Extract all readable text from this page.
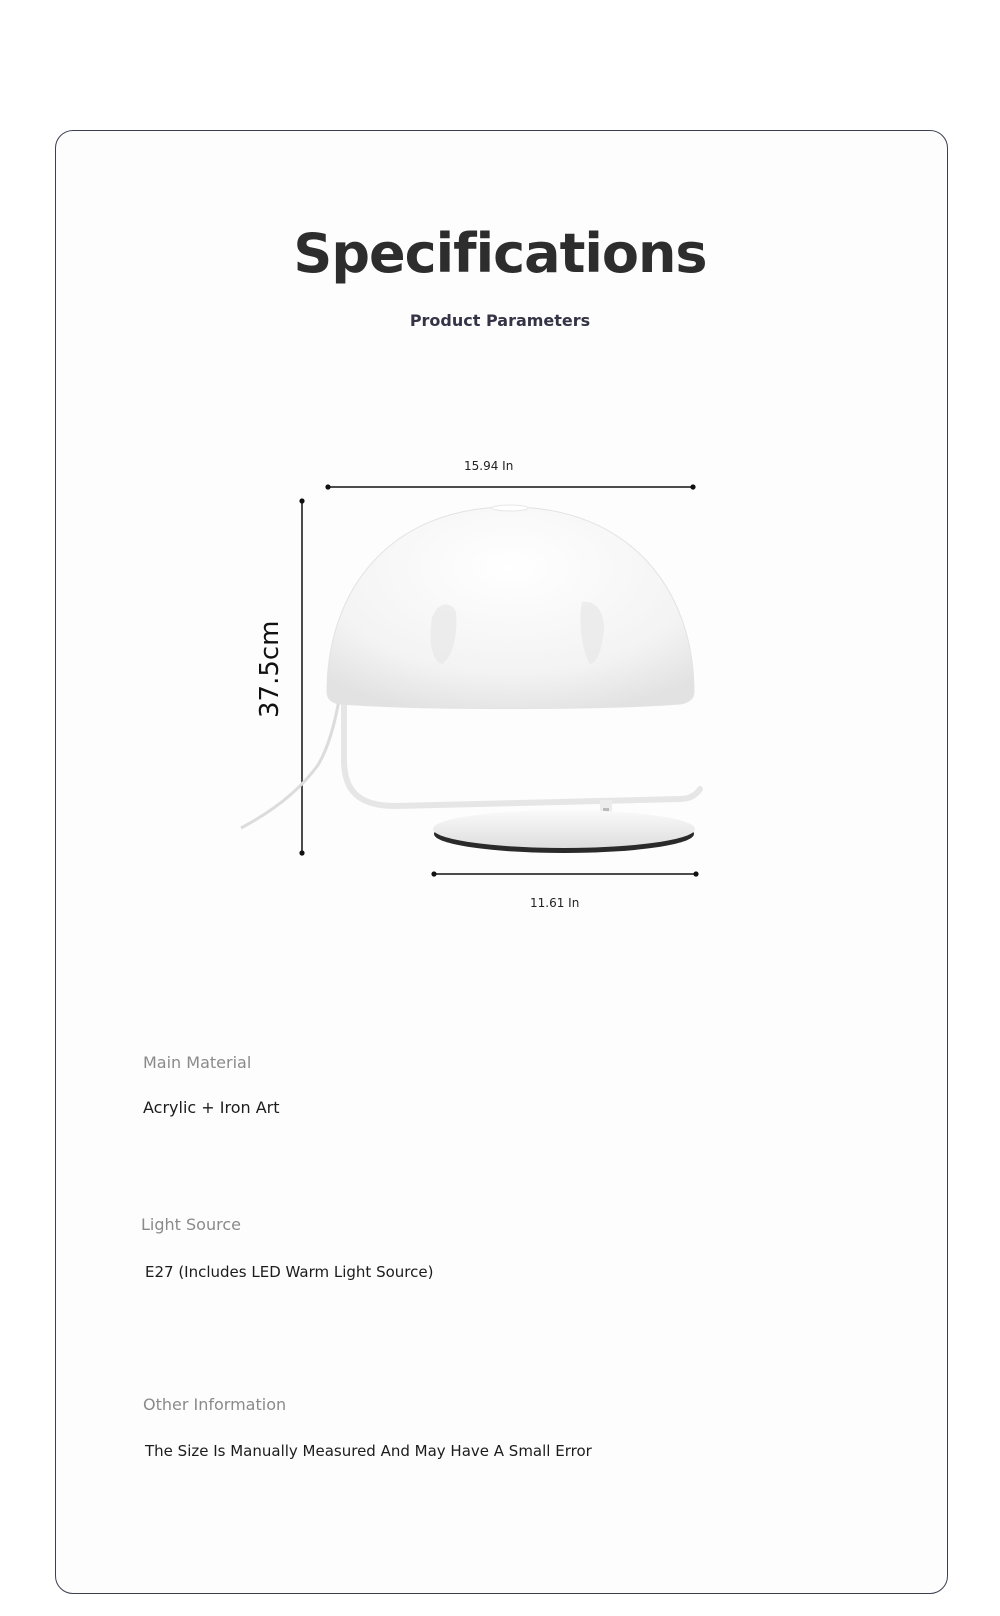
Specifications
Product Parameters
15.94 In
37.5cm
11.61 In
Main Material
Acrylic + Iron Art
Light Source
E27 (Includes LED Warm Light Source)
Other Information
The Size Is Manually Measured And May Have A Small Error
